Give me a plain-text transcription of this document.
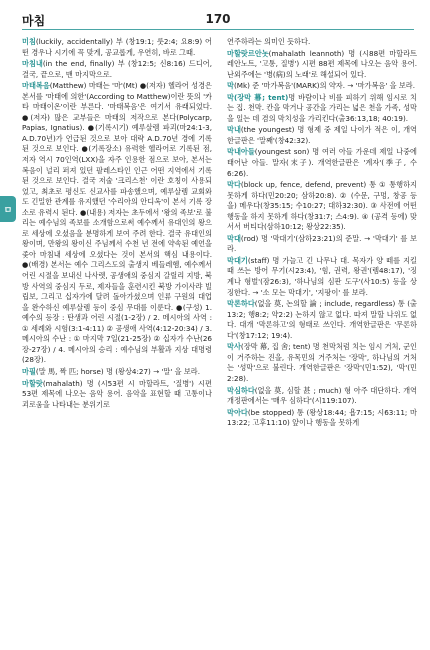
마침	170
ㅁ

미침(luckily, accidentally) 부 (창19:1; 룻2:4; 요8:9) 어떤 경우나 시기에 꼭 맞게, 공교롭게, 우연히, 바로 그때.

마침내(in the end, finally) 부 (창12:5; 신8:16) 드디어, 결국, 끝으로, 맨 마지막으로.

마태복음(Matthew) 마태는 '마'(Mt) ●(저자) 헬라어 성경은 본서를 '마태에 의한'(According to Matthew)이란 뜻의 '카타 마태이온'이란 부른다. '마태복음'은 여기서 유래되었다. ●(저자) 많은 교부들은 마태의 저작으로 본다(Polycarp, Papias, Ignatius). ●(기록시기) 예루살렘 파괴(마24:1-3, A.D.70년)가 언급된 것으로 보아 대략 A.D.70년 경에 기록된 것으로 보인다. ●(기록장소) 유력한 헬라어로 기록된 점, 저자 역시 70인역(LXX)을 자주 인용한 점으로 보아, 본서는 복음이 널리 퍼져 있던 팔레스타인 인근 어떤 지역에서 기록된 것으로 보인다. 결국 저술 '크리스천' 이란 호칭이 사용되었고, 최초로 평신도 신교사를 파송했으며, 예루살렘 교회와도 긴밀한 관계를 유지했던 '수리아의 안디옥'이 본서 기록 장소로 유력시 된다. ●(내용) 저자는 초두에서 '왕의 족보'로 불리는 예수님의 족보를 소개함으로써 예수께서 유대인의 왕으로 세상에 오셨음을 분명하게 보여 주려 한다. 결국 유대인의 왕이며, 만왕의 왕이신 주님께서 수천 년 전에 약속된 예언을 좇아 마침내 세상에 오셨다는 것이 본서의 핵심 내용이다. ●(배경) 본서는 예수 그리스도의 출생지 베들레헴, 예수께서 어린 시절을 보내신 나사렛, 공생애의 중심지 갈릴리 지방, 북방 사역의 중심지 두로, 제자들을 훈련시킨 북방 가이사랴 빌립보, 그리고 십자가에 달려 돌아가셨으며 인류 구원의 대업을 완수하신 예루살렘 등이 중심 무대를 이룬다. ●(구성) 1. 예수의 등장 : 탄생과 어린 시절(1-2장) / 2. 메시아의 사역 : ① 세례와 시험(3:1-4:11) ② 공생애 사역(4:12-20:34) / 3. 메시아의 수난 : ① 마지막 7일(21-25장) ② 십자가 수난(26장-27장) / 4. 메시아의 승리 : 예수님의 부활과 지상 대명령(28장).

마필(말 馬, 짝 匹; horse) 명 (왕상4:27) → '말' 을 보라.

마할랏(mahalath) 명 (시53편 시 마할라트, '질병') 시편 53편 제목에 나오는 음악 용어. 음악을 표현할 때 고통이나 괴로움을 나타내는 분위기로

연주하라는 의미인 듯하다.

마할랏르안놋(mahalath leannoth) 명 (시88편 마할라트 레안노트, '고통, 질병') 시편 88편 제목에 나오는 음악 용어. 난외주에는 '병(病)의 노래'로 해설되어 있다.

막(Mk) 준 '마가복음'(MARK)의 약자. → '마가복음' 을 보라.

막(장막 幕; tent)명 바람이나 비를 피하기 위해 임시로 치는 집. 천막. 칸을 막거나 공간을 가리는 넓은 천을 가족, 성막을 일는 데 겸의 막치성을 가리킨다(출36:13,18; 40:19).

막내(the youngest) 명 형제 중 제일 나이가 적은 이, 개역한글판은 '말째'(창42:32).

막내아들(youngest son) 명 여러 아들 가운데 제일 나중에 태어난 아들. 말자(末子). 개역한글판은 '계자'(季子, 수6:26).

막다(block up, fence, defend, prevent) 통 ① 통행하지 못하게 하다(민20:20; 삼하20:8). ② (수문, 구멍, 창공 등을) 메우다(창35:15; 수10:27; 대하32:30). ③ 사전에 어떤 행동을 하지 못하게 하다(창31:7; 스4:9). ④ (공격 등에) 맞서서 버티다(삼하10:12; 왕상22:35).

막대(rod) 명 '막대기'(삼하23:21)의 준말. → '막대기' 를 보라.

막대기(staff) 명 가늘고 긴 나무나 대. 목자가 양 떼를 지킬 때 쓰는 방어 무기(시23:4), '힘, 권력, 왕권'(렘48:17), '징계나 형벌'(잠26:3), '하나님의 심판 도구'(사10:5) 등을 상징한다. → '소 모는 막대기', '지팡이' 를 보라.

막론하다(없을 莫, 논의할 論 ; include, regardless) 통 (출13:2; 행8:2; 약2:2) 논하지 않고 없다. 따져 말할 나위도 없다. 대개 '막론하고'의 형태로 쓰인다. 개역한글판은 '무론하다'(창17:12; 19:4).

막사(장막 幕, 집 舍; tent) 명 천막처럼 치는 임시 거처, 군인이 거주하는 진을, 유목민의 거주처는 '장막', 하나님의 거처는 '성막'으로 불린다. 개역한글판은 '장막'(민1:52), '막'(민2:28).

막심하다(없을 莫, 심할 甚 ; much) 형 아주 대단하다. 개역개정판에서는 '매우 심하다'(시119:107).

막아다(be stopped) 통 (왕상18:44; 욥7:15; 시63:11; 마13:22; 고후11:10) 앞이나 행동을 못하게
